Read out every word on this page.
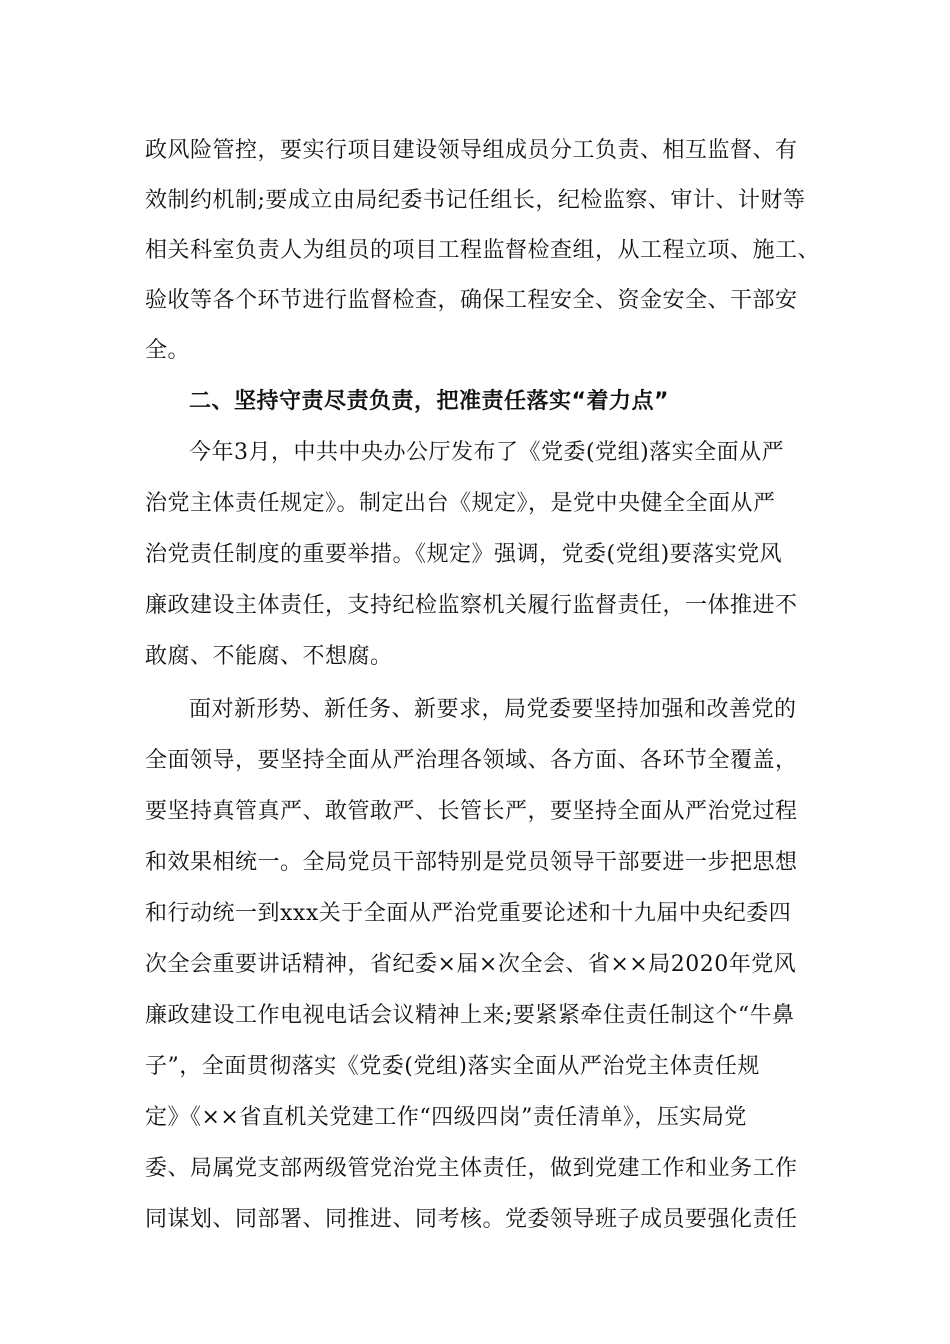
政风险管控，要实行项目建设领导组成员分工负责、相互监督、有
效制约机制;要成立由局纪委书记任组长，纪检监察、审计、计财等
相关科室负责人为组员的项目工程监督检查组，从工程立项、施工、
验收等各个环节进行监督检查，确保工程安全、资金安全、干部安
全。
二、坚持守责尽责负责，把准责任落实“着力点”
今年3月，中共中央办公厅发布了《党委(党组)落实全面从严
治党主体责任规定》。制定出台《规定》，是党中央健全全面从严
治党责任制度的重要举措。《规定》强调，党委(党组)要落实党风
廉政建设主体责任，支持纪检监察机关履行监督责任，一体推进不
敢腐、不能腐、不想腐。
面对新形势、新任务、新要求，局党委要坚持加强和改善党的
全面领导，要坚持全面从严治理各领域、各方面、各环节全覆盖，
要坚持真管真严、敢管敢严、长管长严，要坚持全面从严治党过程
和效果相统一。全局党员干部特别是党员领导干部要进一步把思想
和行动统一到xxx关于全面从严治党重要论述和十九届中央纪委四
次全会重要讲话精神，省纪委×届×次全会、省××局2020年党风
廉政建设工作电视电话会议精神上来;要紧紧牵住责任制这个“牛鼻
子”，全面贯彻落实《党委(党组)落实全面从严治党主体责任规
定》《××省直机关党建工作“四级四岗”责任清单》，压实局党
委、局属党支部两级管党治党主体责任，做到党建工作和业务工作
同谋划、同部署、同推进、同考核。党委领导班子成员要强化责任
